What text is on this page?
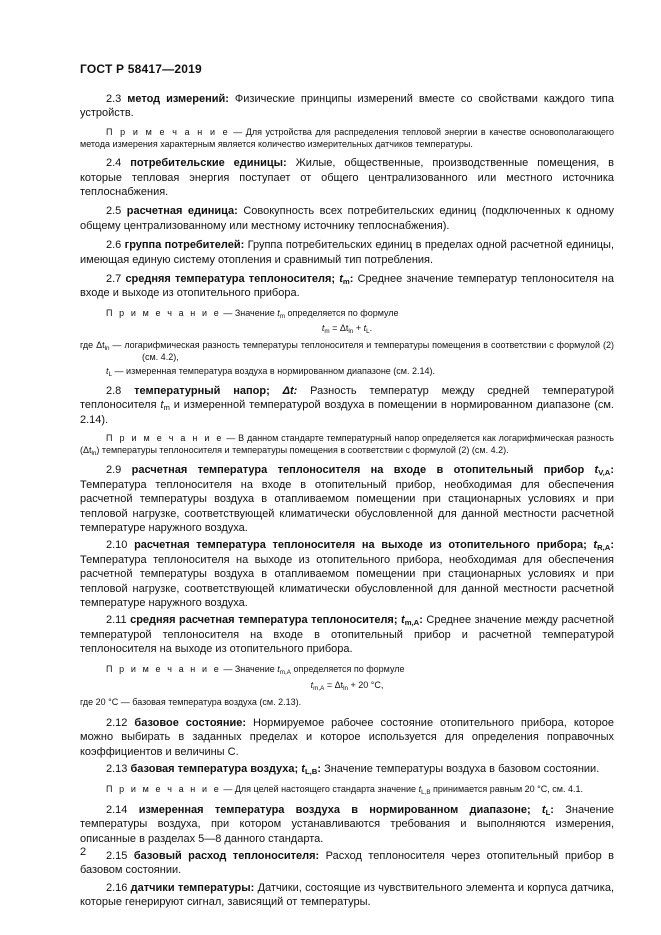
ГОСТ Р 58417—2019

2.3 метод измерений: Физические принципы измерений вместе со свойствами каждого типа устройств.

П р и м е ч а н и е — Для устройства для распределения тепловой энергии в качестве основополагающего метода измерения характерным является количество измерительных датчиков температуры.

2.4 потребительские единицы: Жилые, общественные, производственные помещения, в которые тепловая энергия поступает от общего централизованного или местного источника теплоснабжения.

2.5 расчетная единица: Совокупность всех потребительских единиц (подключенных к одному общему централизованному или местному источнику теплоснабжения).

2.6 группа потребителей: Группа потребительских единиц в пределах одной расчетной единицы, имеющая единую систему отопления и сравнимый тип потребления.

2.7 средняя температура теплоносителя; $t_m$: Среднее значение температур теплоносителя на входе и выходе из отопительного прибора.

П р и м е ч а н и е — Значение $t_m$ определяется по формуле

$t_m = \Delta t_{ln} + t_L$.

где $\Delta t_{ln}$ — логарифмическая разность температуры теплоносителя и температуры помещения в соответствии с формулой (2) (см. 4.2),

$t_L$ — измеренная температура воздуха в нормированном диапазоне (см. 2.14).

2.8 температурный напор; Δt: Разность температур между средней температурой теплоносителя $t_m$ и измеренной температурой воздуха в помещении в нормированном диапазоне (см. 2.14).

П р и м е ч а н и е — В данном стандарте температурный напор определяется как логарифмическая разность $(\Delta t_{ln})$ температуры теплоносителя и температуры помещения в соответствии с формулой (2) (см. 4.2).

2.9 расчетная температура теплоносителя на входе в отопительный прибор $t_{V,A}$: Температура теплоносителя на входе в отопительный прибор, необходимая для обеспечения расчетной температуры воздуха в отапливаемом помещении при стационарных условиях и при тепловой нагрузке, соответствующей климатически обусловленной для данной местности расчетной температуре наружного воздуха.

2.10 расчетная температура теплоносителя на выходе из отопительного прибора; $t_{R,A}$: Температура теплоносителя на выходе из отопительного прибора, необходимая для обеспечения расчетной температуры воздуха в отапливаемом помещении при стационарных условиях и при тепловой нагрузке, соответствующей климатически обусловленной для данной местности расчетной температуре наружного воздуха.

2.11 средняя расчетная температура теплоносителя; $t_{m,A}$: Среднее значение между расчетной температурой теплоносителя на входе в отопительный прибор и расчетной температурой теплоносителя на выходе из отопительного прибора.

П р и м е ч а н и е — Значение $t_{m,A}$ определяется по формуле

$t_{m,A} = \Delta t_{ln} + 20$ °C,

где 20 °C — базовая температура воздуха (см. 2.13).

2.12 базовое состояние: Нормируемое рабочее состояние отопительного прибора, которое можно выбирать в заданных пределах и которое используется для определения поправочных коэффициентов и величины C.

2.13 базовая температура воздуха; $t_{L,B}$: Значение температуры воздуха в базовом состоянии.

П р и м е ч а н и е — Для целей настоящего стандарта значение $t_{L,B}$ принимается равным 20 °C, см. 4.1.

2.14 измеренная температура воздуха в нормированном диапазоне; $t_L$: Значение температуры воздуха, при котором устанавливаются требования и выполняются измерения, описанные в разделах 5—8 данного стандарта.

2.15 базовый расход теплоносителя: Расход теплоносителя через отопительный прибор в базовом состоянии.

2.16 датчики температуры: Датчики, состоящие из чувствительного элемента и корпуса датчика, которые генерируют сигнал, зависящий от температуры.

2
